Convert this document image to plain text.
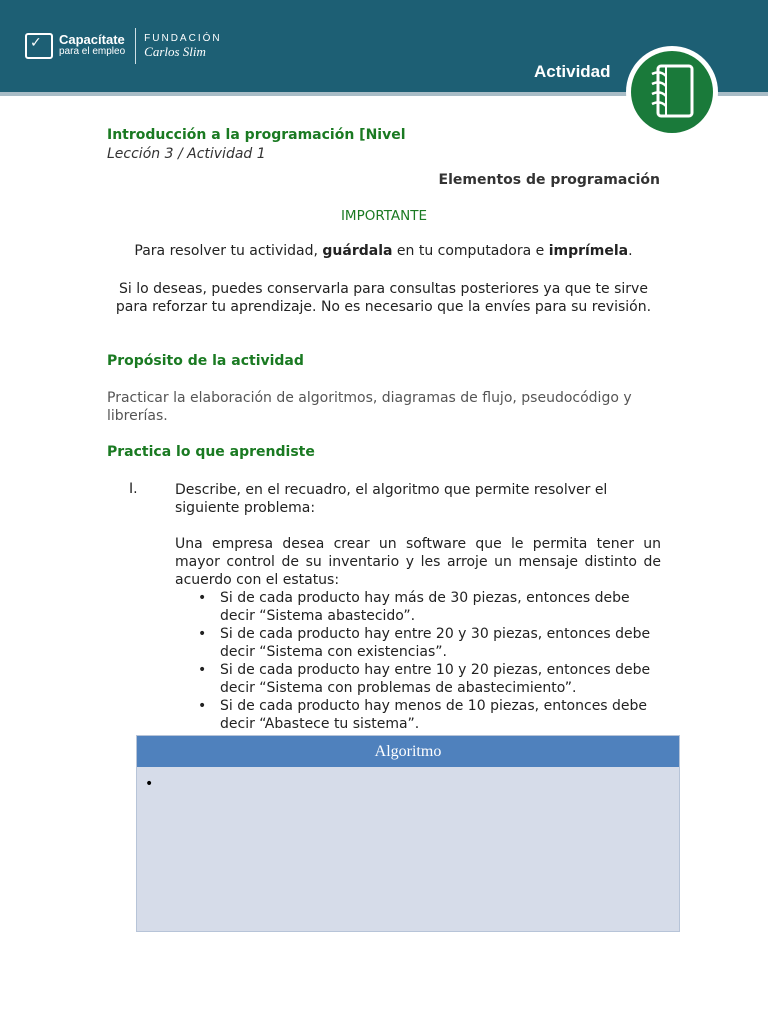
✓ Capacítate
para el empleo
FUNDACIÓN
Carlos Slim
Actividad
Introducción a la programación [Nivel
Lección 3 / Actividad 1
Elementos de programación
IMPORTANTE
Para resolver tu actividad, guárdala en tu computadora e imprímela.
Si lo deseas, puedes conservarla para consultas posteriores ya que te sirve para reforzar tu aprendizaje. No es necesario que la envíes para su revisión.
Propósito de la actividad
Practicar la elaboración de algoritmos, diagramas de flujo, pseudocódigo y librerías.
Practica lo que aprendiste
I.	Describe, en el recuadro, el algoritmo que permite resolver el siguiente problema:
Una empresa desea crear un software que le permita tener un mayor control de su inventario y les arroje un mensaje distinto de acuerdo con el estatus:
• Si de cada producto hay más de 30 piezas, entonces debe decir “Sistema abastecido”.
• Si de cada producto hay entre 20 y 30 piezas, entonces debe decir “Sistema con existencias”.
• Si de cada producto hay entre 10 y 20 piezas, entonces debe decir “Sistema con problemas de abastecimiento”.
• Si de cada producto hay menos de 10 piezas, entonces debe decir “Abastece tu sistema”.
Algoritmo
•
